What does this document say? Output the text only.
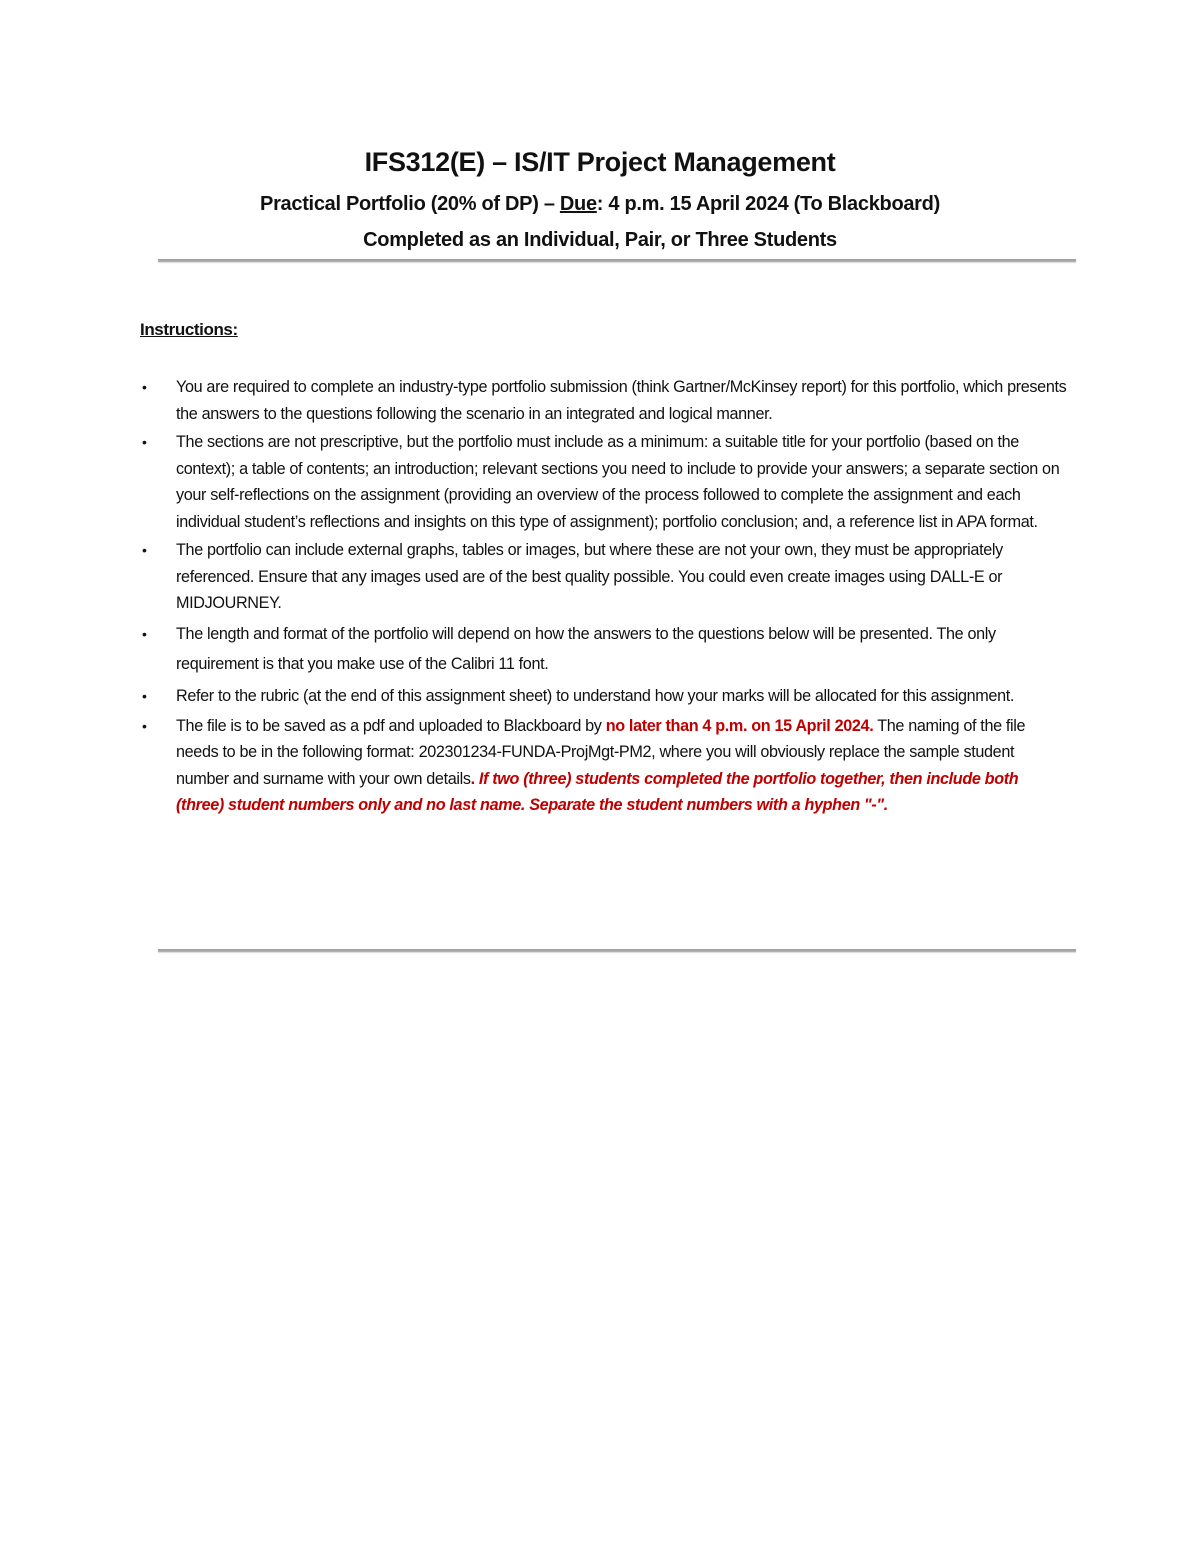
IFS312(E) – IS/IT Project Management
Practical Portfolio (20% of DP) – Due: 4 p.m. 15 April 2024 (To Blackboard)
Completed as an Individual, Pair, or Three Students
Instructions:
• You are required to complete an industry-type portfolio submission (think Gartner/McKinsey report) for this portfolio, which presents the answers to the questions following the scenario in an integrated and logical manner.
• The sections are not prescriptive, but the portfolio must include as a minimum: a suitable title for your portfolio (based on the context); a table of contents; an introduction; relevant sections you need to include to provide your answers; a separate section on your self-reflections on the assignment (providing an overview of the process followed to complete the assignment and each individual student’s reflections and insights on this type of assignment); portfolio conclusion; and, a reference list in APA format.
• The portfolio can include external graphs, tables or images, but where these are not your own, they must be appropriately referenced. Ensure that any images used are of the best quality possible. You could even create images using DALL-E or MIDJOURNEY.
• The length and format of the portfolio will depend on how the answers to the questions below will be presented. The only requirement is that you make use of the Calibri 11 font.
• Refer to the rubric (at the end of this assignment sheet) to understand how your marks will be allocated for this assignment.
• The file is to be saved as a pdf and uploaded to Blackboard by no later than 4 p.m. on 15 April 2024. The naming of the file needs to be in the following format: 202301234-FUNDA-ProjMgt-PM2, where you will obviously replace the sample student number and surname with your own details. If two (three) students completed the portfolio together, then include both (three) student numbers only and no last name. Separate the student numbers with a hyphen "-".
